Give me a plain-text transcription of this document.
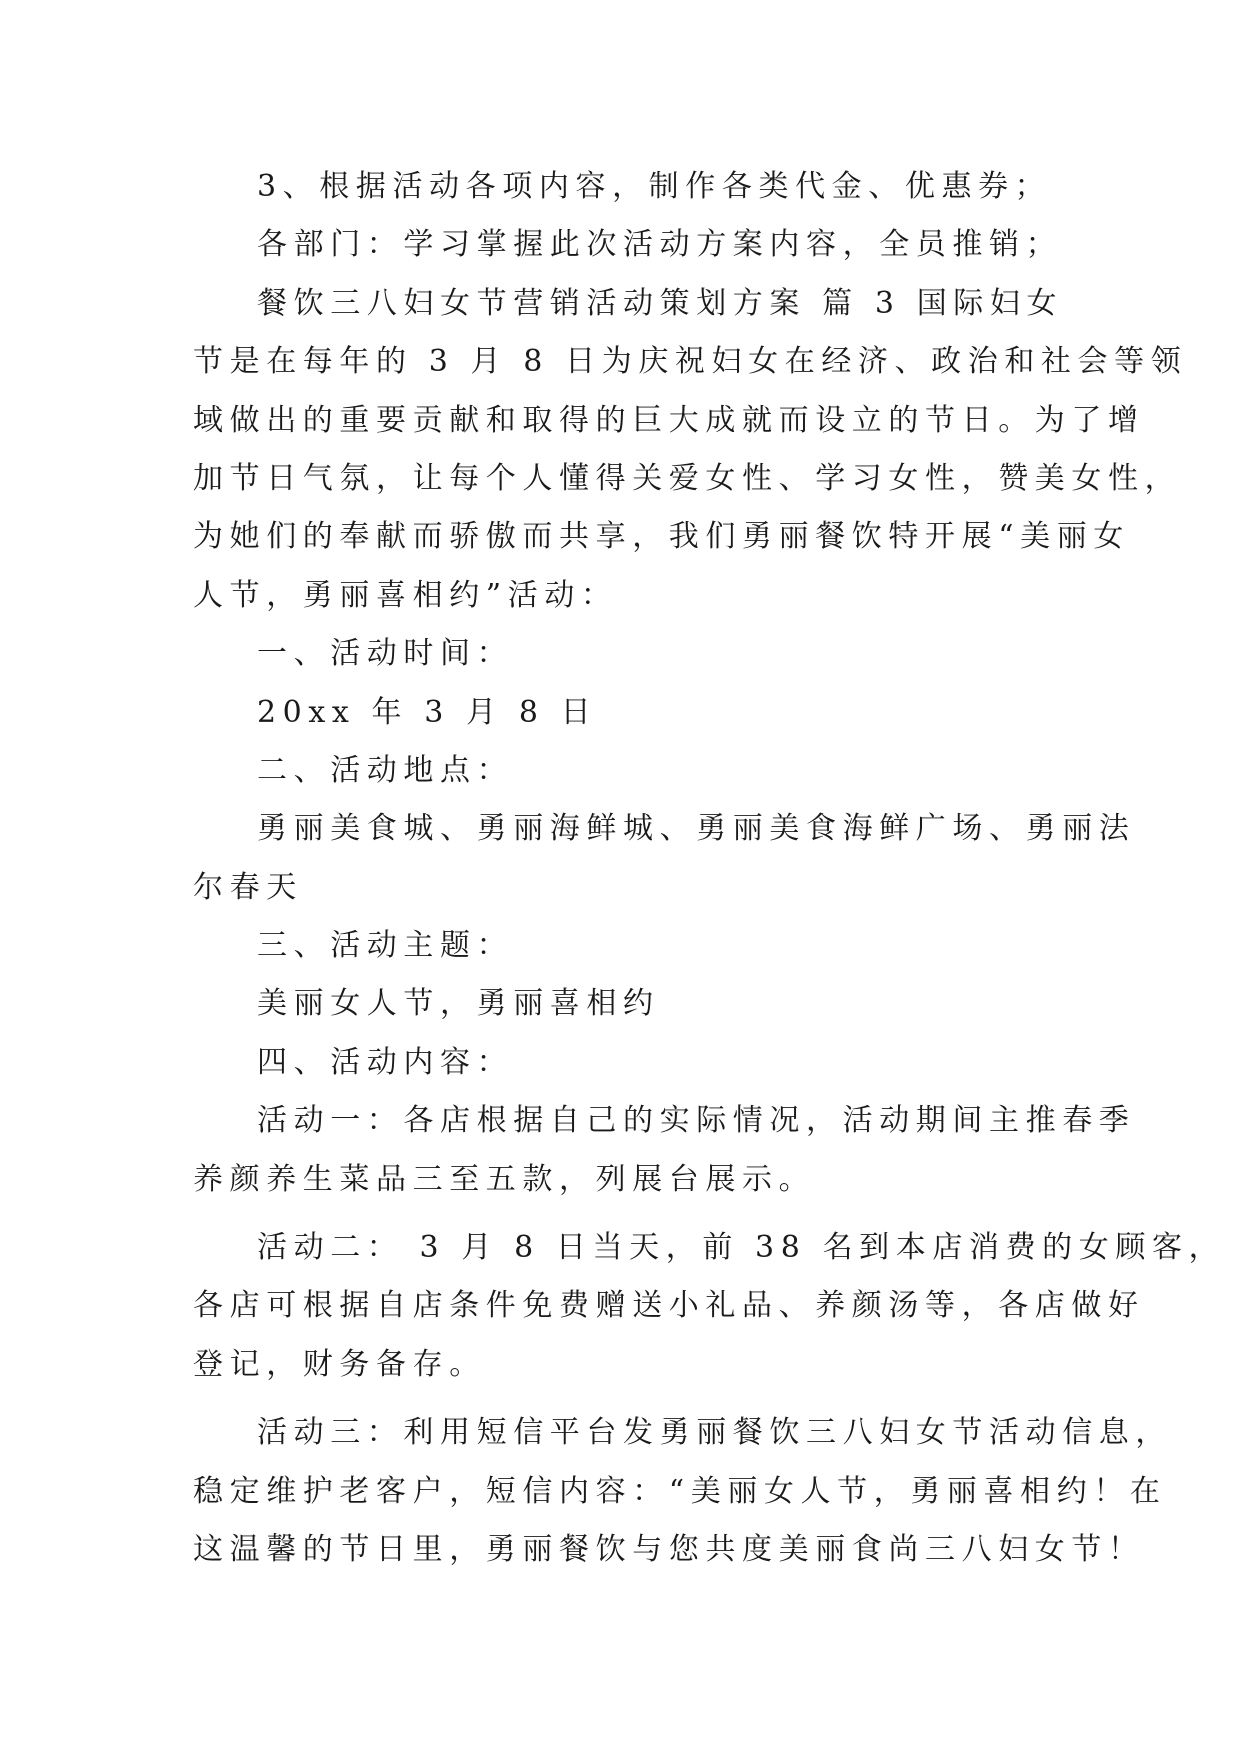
3、根据活动各项内容，制作各类代金、优惠券；
各部门：学习掌握此次活动方案内容，全员推销；
餐饮三八妇女节营销活动策划方案 篇 3 国际妇女
节是在每年的 3 月 8 日为庆祝妇女在经济、政治和社会等领
域做出的重要贡献和取得的巨大成就而设立的节日。为了增
加节日气氛，让每个人懂得关爱女性、学习女性，赞美女性，
为她们的奉献而骄傲而共享，我们勇丽餐饮特开展“美丽女
人节，勇丽喜相约”活动：
一、活动时间：
20xx 年 3 月 8 日
二、活动地点：
勇丽美食城、勇丽海鲜城、勇丽美食海鲜广场、勇丽法
尔春天
三、活动主题：
美丽女人节，勇丽喜相约
四、活动内容：
活动一：各店根据自己的实际情况，活动期间主推春季
养颜养生菜品三至五款，列展台展示。
活动二： 3 月 8 日当天，前 38 名到本店消费的女顾客，
各店可根据自店条件免费赠送小礼品、养颜汤等，各店做好
登记，财务备存。
活动三：利用短信平台发勇丽餐饮三八妇女节活动信息，
稳定维护老客户，短信内容：“美丽女人节，勇丽喜相约！在
这温馨的节日里，勇丽餐饮与您共度美丽食尚三八妇女节！
